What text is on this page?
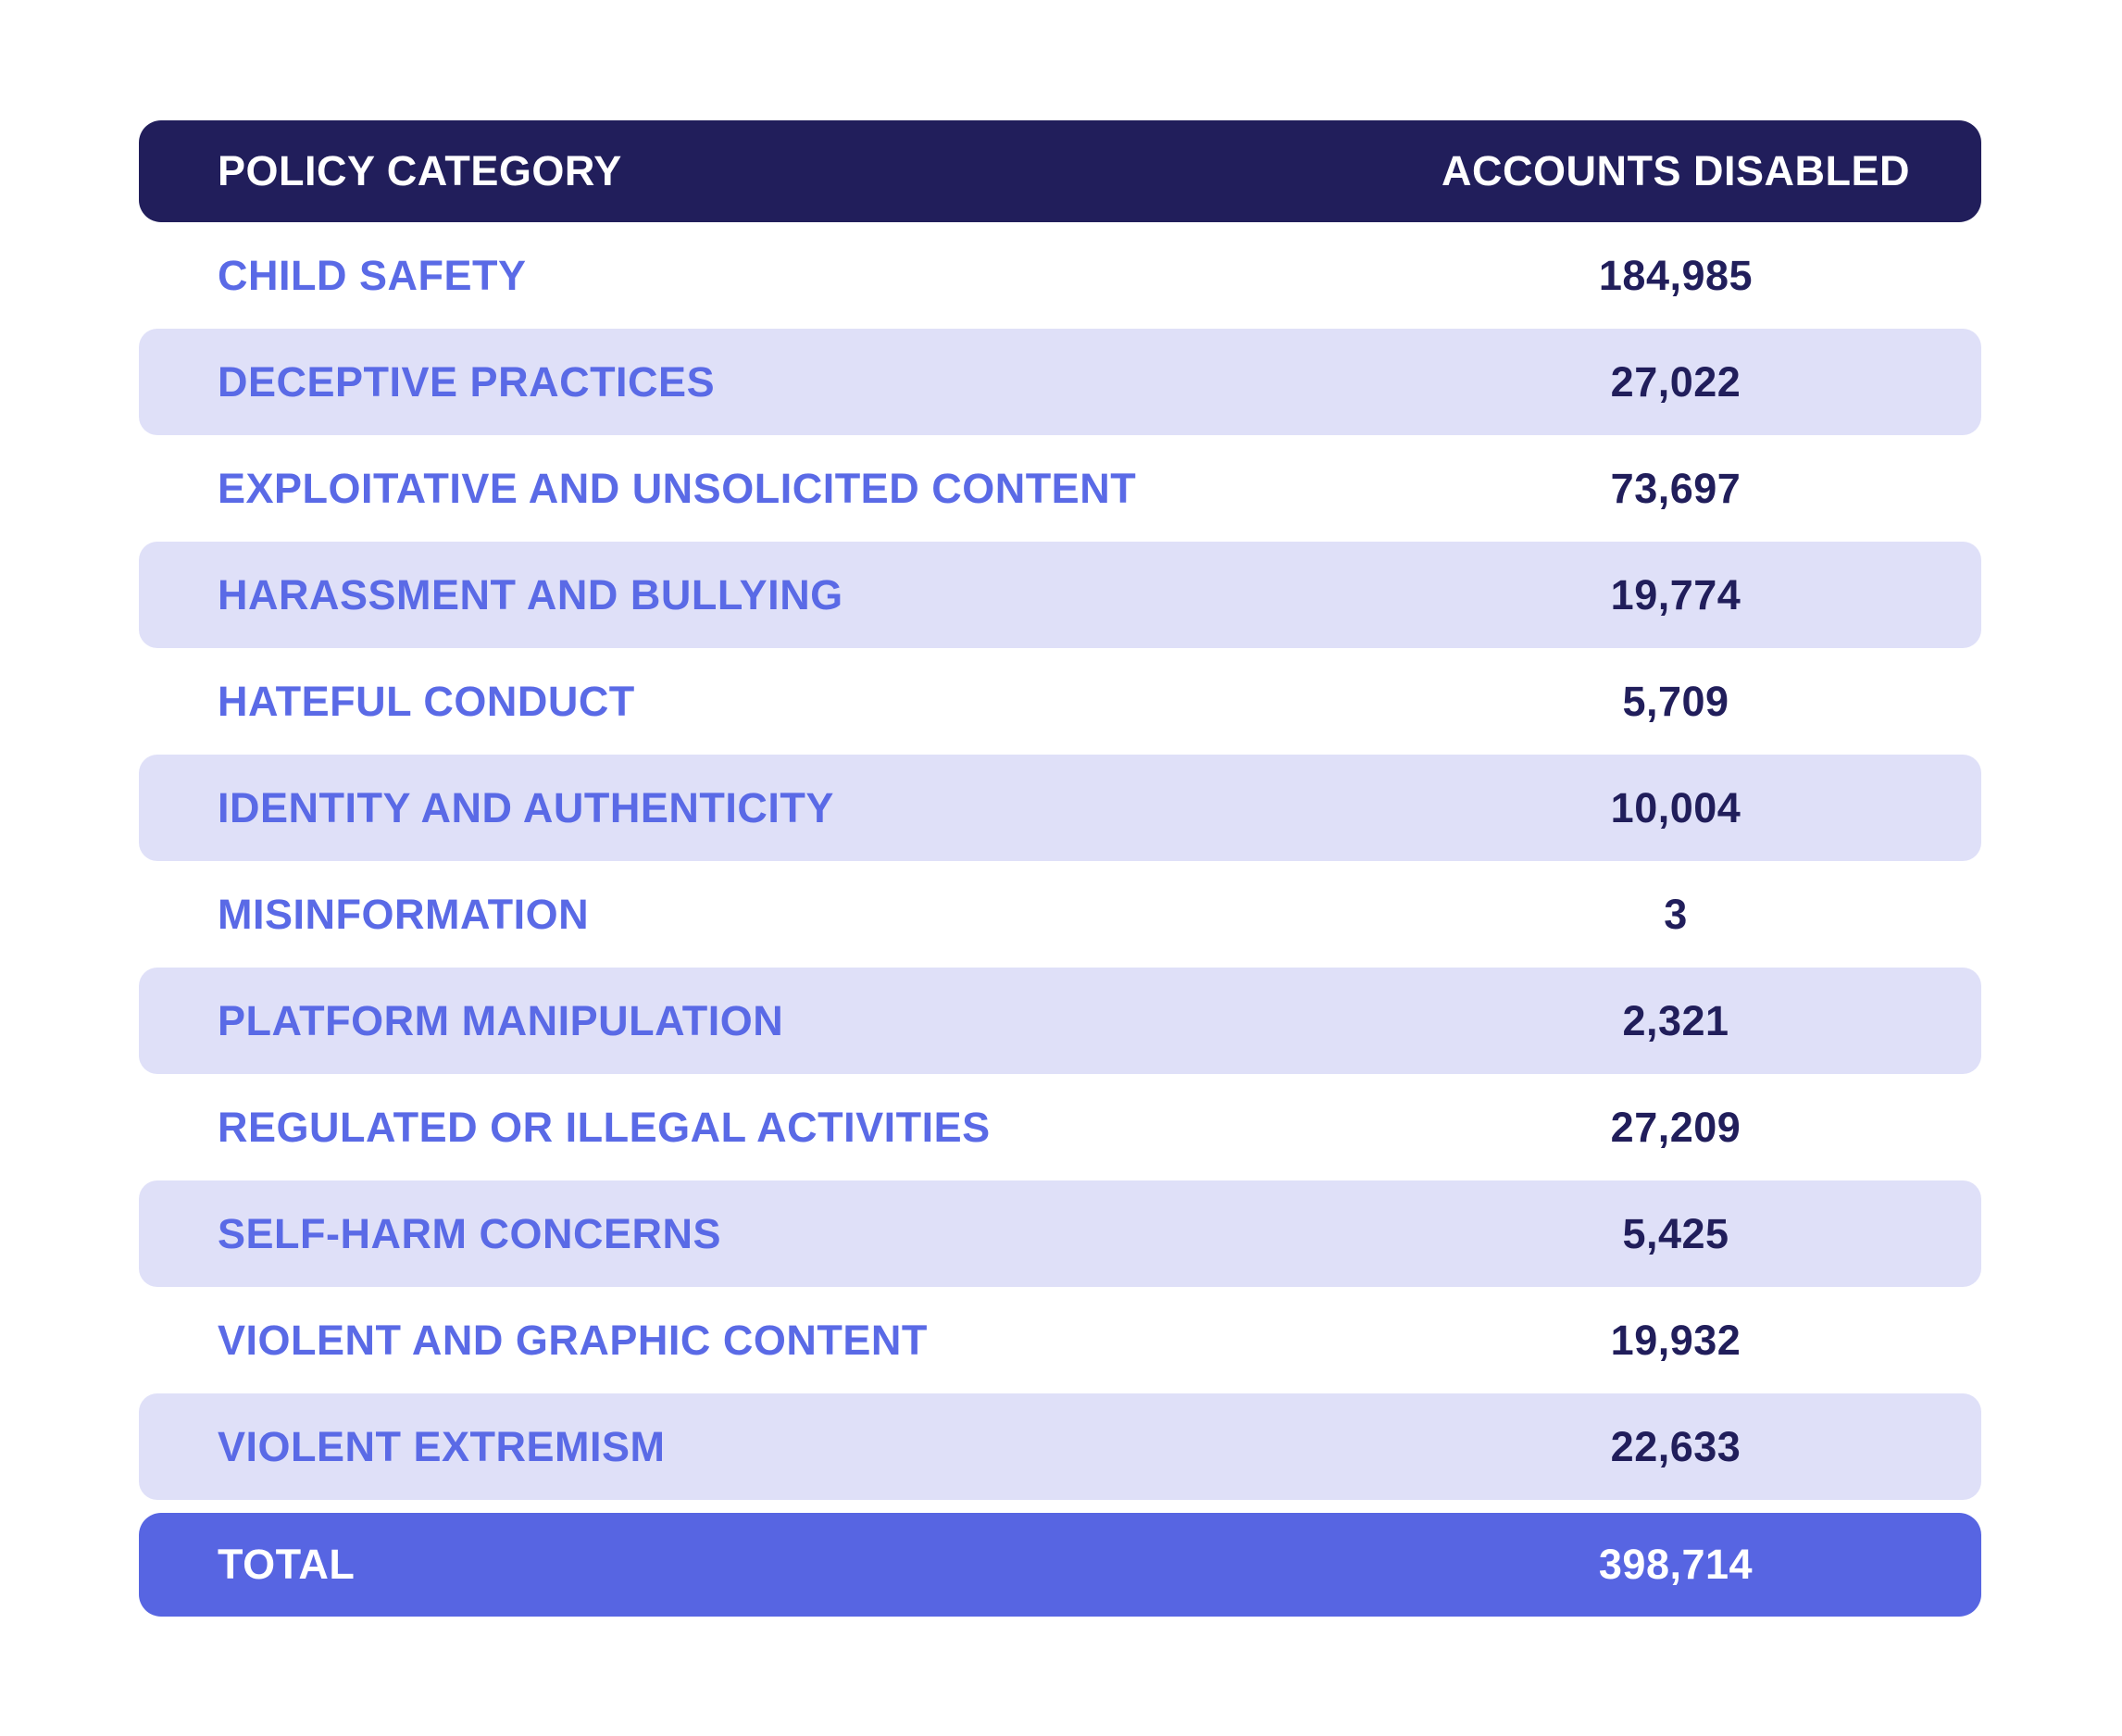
POLICY CATEGORY	ACCOUNTS DISABLED
CHILD SAFETY	184,985
DECEPTIVE PRACTICES	27,022
EXPLOITATIVE AND UNSOLICITED CONTENT	73,697
HARASSMENT AND BULLYING	19,774
HATEFUL CONDUCT	5,709
IDENTITY AND AUTHENTICITY	10,004
MISINFORMATION	3
PLATFORM MANIPULATION	2,321
REGULATED OR ILLEGAL ACTIVITIES	27,209
SELF-HARM CONCERNS	5,425
VIOLENT AND GRAPHIC CONTENT	19,932
VIOLENT EXTREMISM	22,633
TOTAL	398,714
